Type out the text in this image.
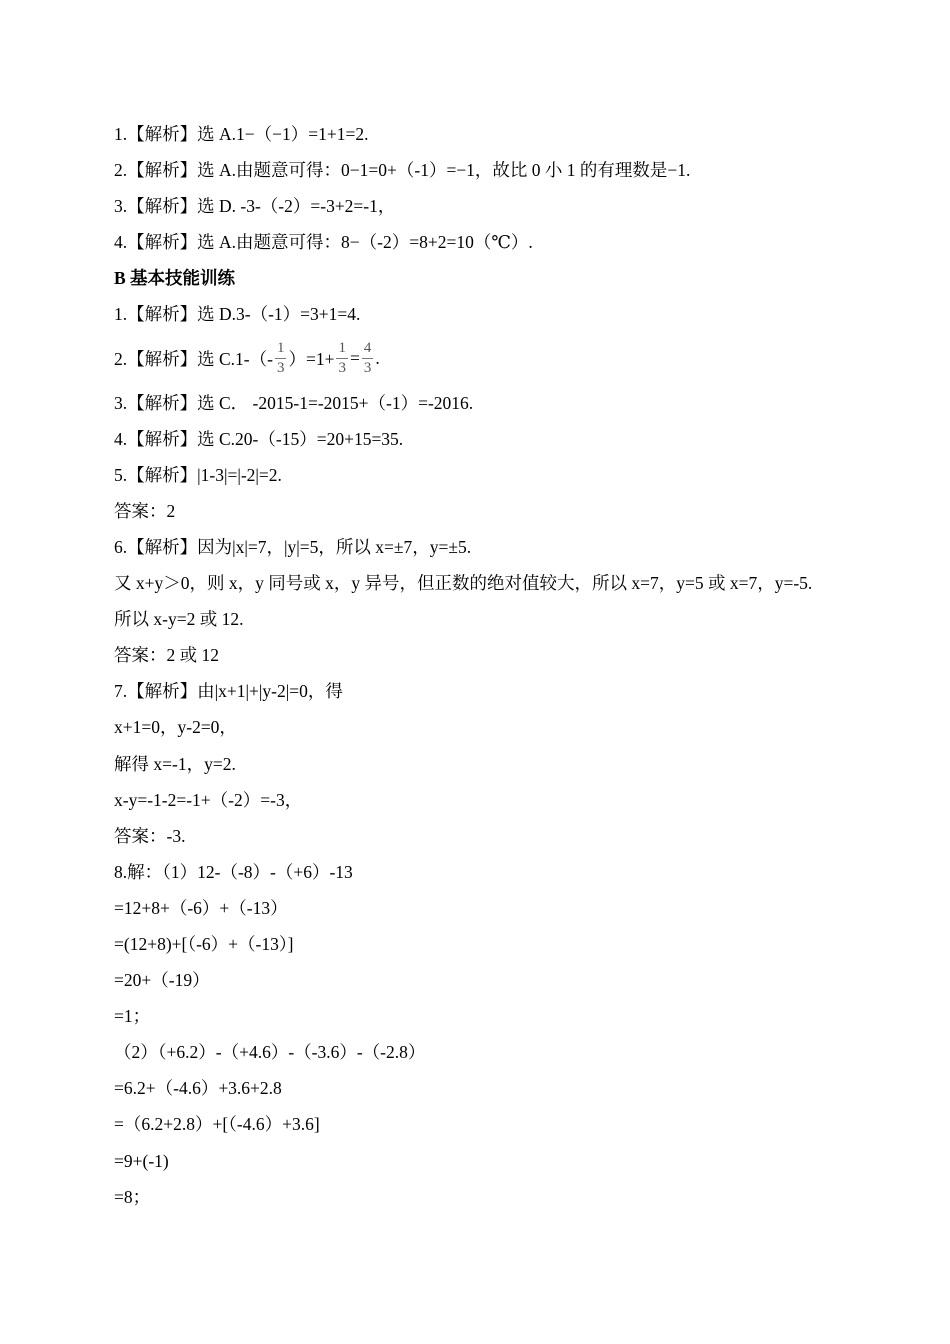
1.【解析】选 A.1−（−1）=1+1=2.
2.【解析】选 A.由题意可得：0−1=0+（-1）=−1，故比 0 小 1 的有理数是−1.
3.【解析】选 D. -3-（-2）=-3+2=-1，
4.【解析】选 A.由题意可得：8−（-2）=8+2=10（℃）.
B 基本技能训练
1.【解析】选 D.3-（-1）=3+1=4.
2.【解析】选 $C.1-(- \frac{1}{3} )=1+ \frac{1}{3} = \frac{4}{3}$ .
3.【解析】选 C． -2015-1=-2015+（-1）=-2016.
4.【解析】选 C.20-（-15）=20+15=35.
5.【解析】|1-3|=|-2|=2.
答案：2
6.【解析】因为|x|=7，|y|=5，所以 x=±7，y=±5.
又 x+y＞0，则 x，y 同号或 x，y 异号，但正数的绝对值较大，所以 x=7，y=5 或 x=7，y=-5.
所以 x-y=2 或 12.
答案：2 或 12
7.【解析】由|x+1|+|y-2|=0，得
x+1=0，y-2=0，
解得 x=-1，y=2.
x-y=-1-2=-1+（-2）=-3，
答案：-3.
8.解：（1）12-（-8）-（+6）-13
=12+8+（-6）+（-13）
=(12+8)+[（-6）+（-13）]
=20+（-19）
=1；
（2）（+6.2）-（+4.6）-（-3.6）-（-2.8）
=6.2+（-4.6）+3.6+2.8
=（6.2+2.8）+[（-4.6）+3.6]
=9+(-1)
=8；
